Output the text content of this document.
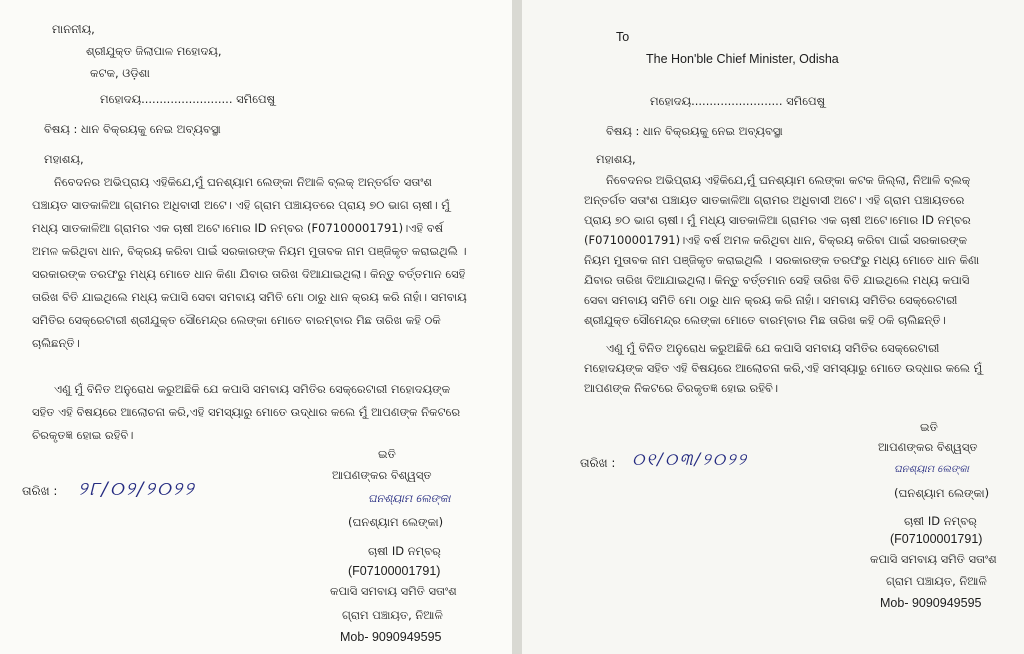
ମାନନୀୟ,
ଶ୍ରୀଯୁକ୍ତ ଜିଲାପାଳ ମହୋଦୟ,
କଟକ, ଓଡ଼ିଶା
ମହୋଦୟ......................... ସମିପେଷୁ
ବିଷୟ : ଧାନ ବିକ୍ରୟକୁ ନେଇ ଅବ୍ୟବସ୍ଥା
ମହାଶୟ,
ନିବେଦନର ଅଭିପ୍ରାୟ ଏହିକିଯେ,ମୁଁ ଘନଶ୍ୟାମ ଲେଙ୍କା ନିଆଳି ବ୍ଲକ୍ ଅନ୍ତର୍ଗତ ସତାଂଶ ପଞ୍ଚାୟତ ସାତକାଳିଆ ଗ୍ରାମର ଅଧିବାସୀ ଅଟେ। ଏହି ଗ୍ରାମ ପଞ୍ଚାୟତରେ ପ୍ରାୟ ୭୦ ଭାଗ ଚାଷୀ। ମୁଁ ମଧ୍ୟ ସାତକାଳିଆ ଗ୍ରାମର ଏକ ଚାଷୀ ଅଟେ।ମୋର ID ନମ୍ବର (F07100001791)।ଏହି ବର୍ଷ ଅମଳ କରିଥିବା ଧାନ, ବିକ୍ରୟ କରିବା ପାଇଁ ସରକାରଙ୍କ ନିୟମ ମୁତାବକ ନାମ ପଞ୍ଜିକୃତ କରାଇଥିଲି । ସରକାରଙ୍କ ତରଫରୁ ମଧ୍ୟ ମୋତେ ଧାନ କିଣା ଯିବାର ତାରିଖ ଦିଆଯାଇଥିଲା। କିନ୍ତୁ ବର୍ତ୍ତମାନ ସେହି ତାରିଖ ବିତି ଯାଇଥିଲେ ମଧ୍ୟ କପାସି ସେବା ସମବାୟ ସମିତି ମୋ ଠାରୁ ଧାନ କ୍ରୟ କରି ନାହାଁ। ସମବାୟ ସମିତିର ସେକ୍ରେଟାରୀ ଶ୍ରୀଯୁକ୍ତ ସୌମେନ୍ଦ୍ର ଲେଙ୍କା ମୋତେ ବାରମ୍ବାର ମିଛ ତାରିଖ କହି ଠକି ଚାଲିଛନ୍ତି।
ଏଣୁ ମୁଁ ବିନିତ ଅନୁରୋଧ କରୁଅଛିକି ଯେ କପାସି ସମବାୟ ସମିତିର ସେକ୍ରେଟାରୀ ମହୋଦୟଙ୍କ ସହିତ ଏହି ବିଷୟରେ ଆଲୋଚନା କରି,ଏହି ସମସ୍ୟାରୁ ମୋତେ ଉଦ୍ଧାର କଲେ ମୁଁ ଆପଣଙ୍କ ନିକଟରେ ଚିରକୃତଜ୍ଞ ହୋଇ ରହିବି।
ଇତି
ଆପଣଙ୍କର ବିଶ୍ୱସ୍ତ
ତାରିଖ : ୨୮/୦୨/୨୦୨୨	ଘନଶ୍ୟାମ ଲେଙ୍କା
(ଘନଶ୍ୟାମ ଲେଙ୍କା)
ଚାଷୀ ID ନମ୍ବର୍
(F07100001791)
କପାସି ସମବାୟ ସମିତି ସତାଂଶ
ଗ୍ରାମ ପଞ୍ଚାୟତ, ନିଆଳି
Mob- 9090949595
To
The Hon'ble Chief Minister, Odisha
ମହୋଦୟ......................... ସମିପେଷୁ
ବିଷୟ : ଧାନ ବିକ୍ରୟକୁ ନେଇ ଅବ୍ୟବସ୍ଥା
ମହାଶୟ,
ନିବେଦନର ଅଭିପ୍ରାୟ ଏହିକିଯେ,ମୁଁ ଘନଶ୍ୟାମ ଲେଙ୍କା କଟକ ଜିଲ୍ଲା, ନିଆଳି ବ୍ଲକ୍ ଅନ୍ତର୍ଗତ ସତାଂଶ ପଞ୍ଚାୟତ ସାତକାଳିଆ ଗ୍ରାମର ଅଧିବାସୀ ଅଟେ। ଏହି ଗ୍ରାମ ପଞ୍ଚାୟତରେ ପ୍ରାୟ ୭୦ ଭାଗ ଚାଷୀ। ମୁଁ ମଧ୍ୟ ସାତକାଳିଆ ଗ୍ରାମର ଏକ ଚାଷୀ ଅଟେ।ମୋର ID ନମ୍ବର (F07100001791)।ଏହି ବର୍ଷ ଅମଳ କରିଥିବା ଧାନ, ବିକ୍ରୟ କରିବା ପାଇଁ ସରକାରଙ୍କ ନିୟମ ମୁତାବକ ନାମ ପଞ୍ଜିକୃତ କରାଇଥିଲି । ସରକାରଙ୍କ ତରଫରୁ ମଧ୍ୟ ମୋତେ ଧାନ କିଣା ଯିବାର ତାରିଖ ଦିଆଯାଇଥିଲା। କିନ୍ତୁ ବର୍ତ୍ତମାନ ସେହି ତାରିଖ ବିତି ଯାଇଥିଲେ ମଧ୍ୟ କପାସି ସେବା ସମବାୟ ସମିତି ମୋ ଠାରୁ ଧାନ କ୍ରୟ କରି ନାହାଁ। ସମବାୟ ସମିତିର ସେକ୍ରେଟାରୀ ଶ୍ରୀଯୁକ୍ତ ସୌମେନ୍ଦ୍ର ଲେଙ୍କା ମୋତେ ବାରମ୍ବାର ମିଛ ତାରିଖ କହି ଠକି ଚାଲିଛନ୍ତି।
ଏଣୁ ମୁଁ ବିନିତ ଅନୁରୋଧ କରୁଅଛିକି ଯେ କପାସି ସମବାୟ ସମିତିର ସେକ୍ରେଟାରୀ ମହୋଦୟଙ୍କ ସହିତ ଏହି ବିଷୟରେ ଆଲୋଚନା କରି,ଏହି ସମସ୍ୟାରୁ ମୋତେ ଉଦ୍ଧାର କଲେ ମୁଁ ଆପଣଙ୍କ ନିକଟରେ ଚିରକୃତଜ୍ଞ ହୋଇ ରହିବି।
ଇତି
ଆପଣଙ୍କର ବିଶ୍ୱସ୍ତ
ତାରିଖ : ୦୧/୦୩/୨୦୨୨	ଘନଶ୍ୟାମ ଲେଙ୍କା
(ଘନଶ୍ୟାମ ଲେଙ୍କା)
ଚାଷୀ ID ନମ୍ବର୍
(F07100001791)
କପାସି ସମବାୟ ସମିତି ସତାଂଶ
ଗ୍ରାମ ପଞ୍ଚାୟତ, ନିଆଳି
Mob- 9090949595
